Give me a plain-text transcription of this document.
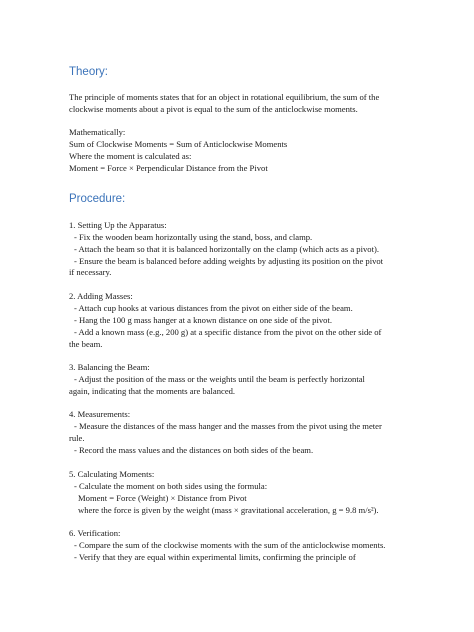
Theory:
The principle of moments states that for an object in rotational equilibrium, the sum of the
clockwise moments about a pivot is equal to the sum of the anticlockwise moments.
Mathematically:
Sum of Clockwise Moments = Sum of Anticlockwise Moments
Where the moment is calculated as:
Moment = Force × Perpendicular Distance from the Pivot
Procedure:
1. Setting Up the Apparatus:
- Fix the wooden beam horizontally using the stand, boss, and clamp.
- Attach the beam so that it is balanced horizontally on the clamp (which acts as a pivot).
- Ensure the beam is balanced before adding weights by adjusting its position on the pivot
if necessary.
2. Adding Masses:
- Attach cup hooks at various distances from the pivot on either side of the beam.
- Hang the 100 g mass hanger at a known distance on one side of the pivot.
- Add a known mass (e.g., 200 g) at a specific distance from the pivot on the other side of
the beam.
3. Balancing the Beam:
- Adjust the position of the mass or the weights until the beam is perfectly horizontal
again, indicating that the moments are balanced.
4. Measurements:
- Measure the distances of the mass hanger and the masses from the pivot using the meter
rule.
- Record the mass values and the distances on both sides of the beam.
5. Calculating Moments:
- Calculate the moment on both sides using the formula:
Moment = Force (Weight) × Distance from Pivot
where the force is given by the weight (mass × gravitational acceleration, g = 9.8 m/s²).
6. Verification:
- Compare the sum of the clockwise moments with the sum of the anticlockwise moments.
- Verify that they are equal within experimental limits, confirming the principle of
